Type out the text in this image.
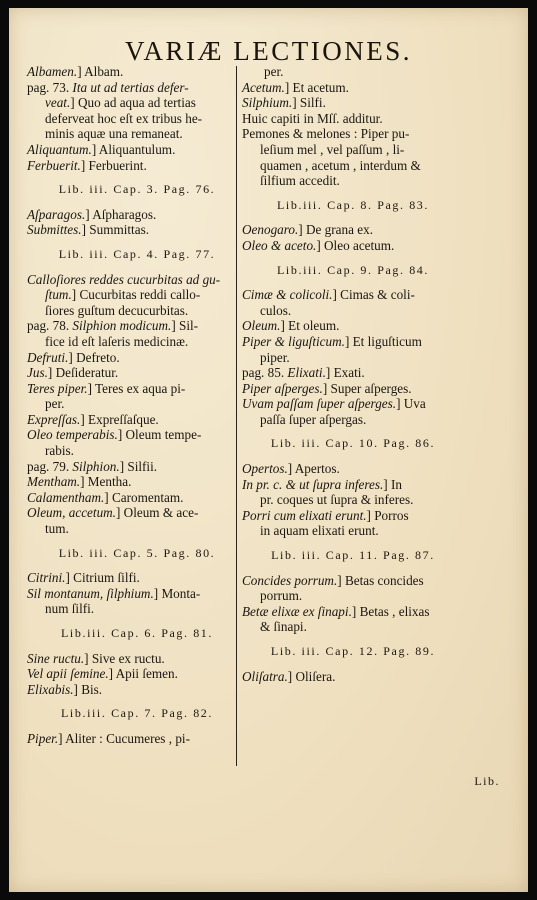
VARIÆ LECTIONES.
Albamen.] Albam.
pag. 73. Ita ut ad tertias defer-
veat.] Quo ad aqua ad tertias
deferveat hoc eſt ex tribus he-
minis aquæ una remaneat.
Aliquantum.] Aliquantulum.
Ferbuerit.] Ferbuerint.
Lib. iii. Cap. 3. Pag. 76.
Aſparagos.] Aſpharagos.
Submittes.] Summittas.
Lib. iii. Cap. 4. Pag. 77.
Calloſiores reddes cucurbitas ad gu-
ſtum.] Cucurbitas reddi callo-
ſiores guſtum decucurbitas.
pag. 78. Silphion modicum.] Sil-
fice id eſt laſeris medicinæ.
Defruti.] Defreto.
Jus.] Deſideratur.
Teres piper.] Teres ex aqua pi-
per.
Expreſſas.] Expreſſaſque.
Oleo temperabis.] Oleum tempe-
rabis.
pag. 79. Silphion.] Silfii.
Mentham.] Mentha.
Calamentham.] Caromentam.
Oleum, accetum.] Oleum & ace-
tum.
Lib. iii. Cap. 5. Pag. 80.
Citrini.] Citrium ſilfi.
Sil montanum, ſilphium.] Monta-
num ſilfi.
Lib.iii. Cap. 6. Pag. 81.
Sine ructu.] Sive ex ructu.
Vel apii ſemine.] Apii ſemen.
Elixabis.] Bis.
Lib.iii. Cap. 7. Pag. 82.
Piper.] Aliter : Cucumeres , pi-
per.
Acetum.] Et acetum.
Silphium.] Silfi.
Huic capiti in Mſſ. additur.
Pemones & melones : Piper pu-
leſium mel , vel paſſum , li-
quamen , acetum , interdum &
ſilfium accedit.
Lib.iii. Cap. 8. Pag. 83.
Oenogaro.] De grana ex.
Oleo & aceto.] Oleo acetum.
Lib.iii. Cap. 9. Pag. 84.
Cimæ & colicoli.] Cimas & coli-
culos.
Oleum.] Et oleum.
Piper & liguſticum.] Et liguſticum
piper.
pag. 85. Elixati.] Exati.
Piper aſperges.] Super aſperges.
Uvam paſſam ſuper aſperges.] Uva
paſſa ſuper aſpergas.
Lib. iii. Cap. 10. Pag. 86.
Opertos.] Apertos.
In pr. c. & ut ſupra inferes.] In
pr. coques ut ſupra & inferes.
Porri cum elixati erunt.] Porros
in aquam elixati erunt.
Lib. iii. Cap. 11. Pag. 87.
Concides porrum.] Betas concides
porrum.
Betæ elixæ ex ſinapi.] Betas , elixas
& ſinapi.
Lib. iii. Cap. 12. Pag. 89.
Oliſatra.] Oliſera.
Lib.
